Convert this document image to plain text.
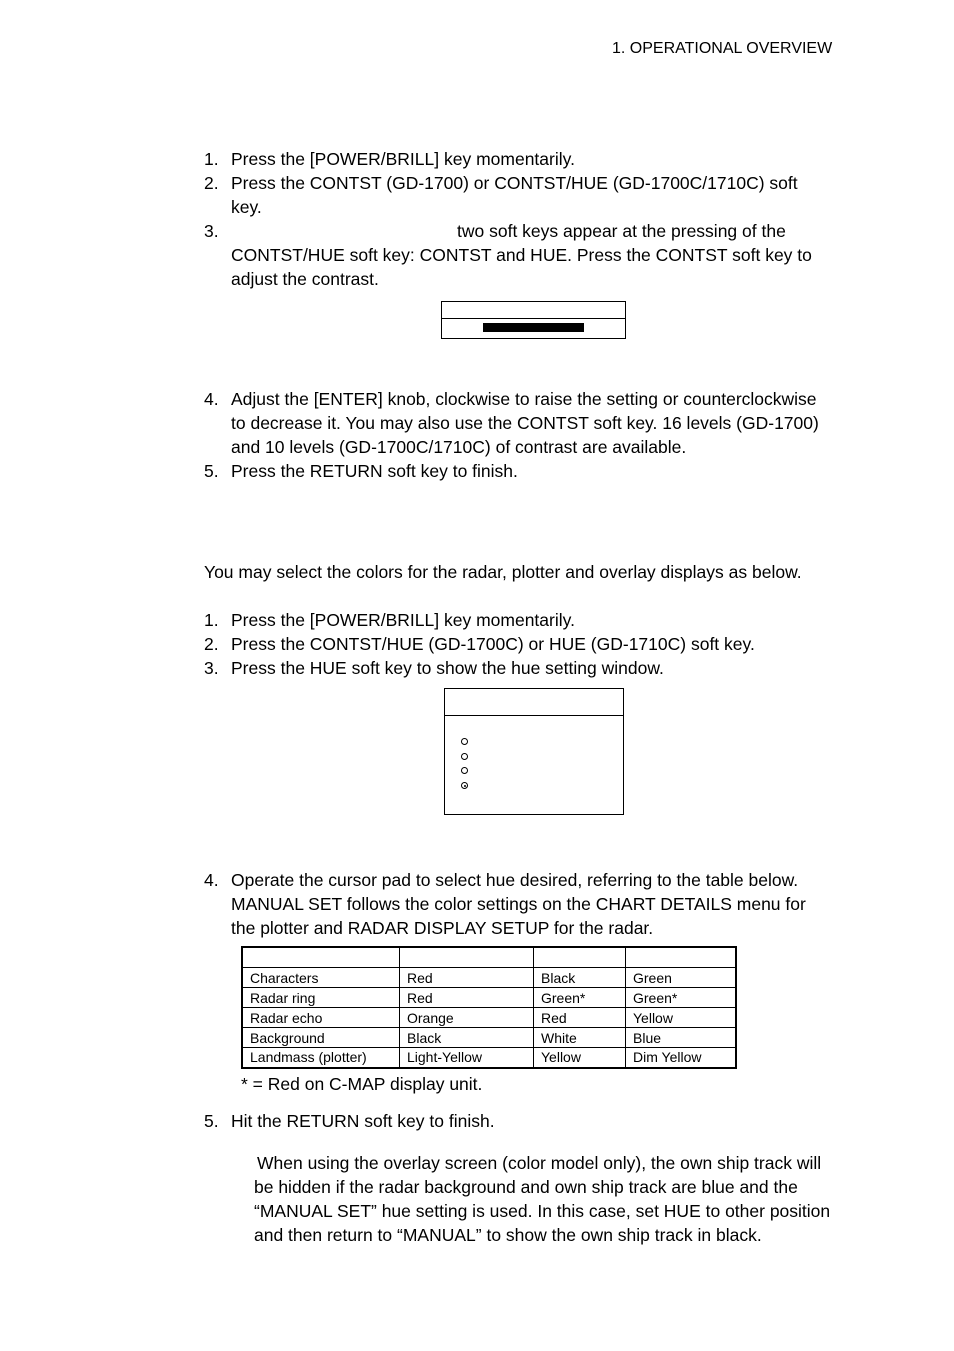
1. OPERATIONAL OVERVIEW
1. Press the [POWER/BRILL] key momentarily.
2. Press the CONTST (GD-1700) or CONTST/HUE (GD-1700C/1710C) soft
key.
3.	two soft keys appear at the pressing of the
CONTST/HUE soft key: CONTST and HUE. Press the CONTST soft key to
adjust the contrast.
4. Adjust the [ENTER] knob, clockwise to raise the setting or counterclockwise
to decrease it. You may also use the CONTST soft key. 16 levels (GD-1700)
and 10 levels (GD-1700C/1710C) of contrast are available.
5. Press the RETURN soft key to finish.
You may select the colors for the radar, plotter and overlay displays as below.
1. Press the [POWER/BRILL] key momentarily.
2. Press the CONTST/HUE (GD-1700C) or HUE (GD-1710C) soft key.
3. Press the HUE soft key to show the hue setting window.
4. Operate the cursor pad to select hue desired, referring to the table below.
MANUAL SET follows the color settings on the CHART DETAILS menu for
the plotter and RADAR DISPLAY SETUP for the radar.

Characters	Red	Black	Green
Radar ring	Red	Green*	Green*
Radar echo	Orange	Red	Yellow
Background	Black	White	Blue
Landmass (plotter)	Light-Yellow	Yellow	Dim Yellow
* = Red on C-MAP display unit.
5. Hit the RETURN soft key to finish.
When using the overlay screen (color model only), the own ship track will
be hidden if the radar background and own ship track are blue and the
“MANUAL SET” hue setting is used. In this case, set HUE to other position
and then return to “MANUAL” to show the own ship track in black.
